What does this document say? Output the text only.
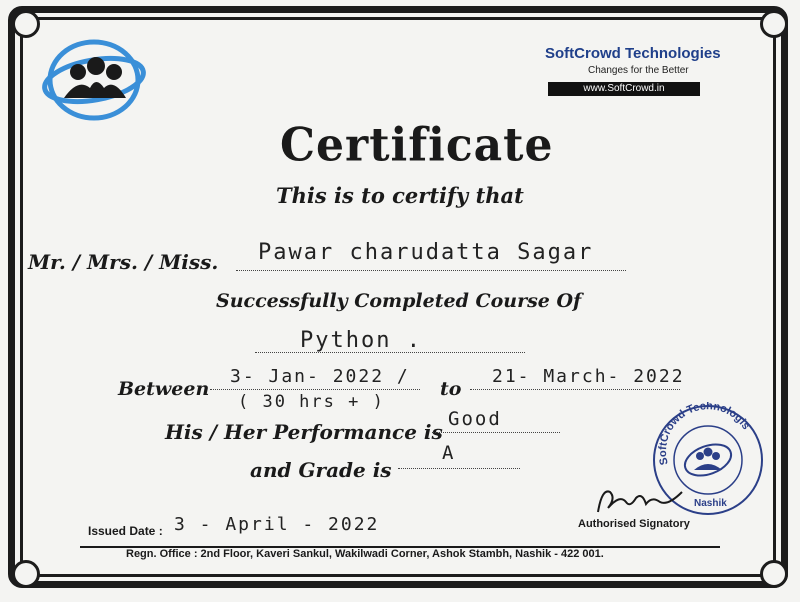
SoftCrowd Technologies
Changes for the Better
www.SoftCrowd.in
Certificate
This is to certify that
Mr. / Mrs. / Miss. Pawar charudatta Sagar
Successfully Completed Course Of
Python .
Between
3- Jan- 2022 /
( 30 hrs + )
to
21- March- 2022
His / Her Performance is
Good
and Grade is
A	SoftCrowd Technologis
Nashik
Authorised Signatory
Issued Date : 3 - April - 2022
Regn. Office : 2nd Floor, Kaveri Sankul, Wakilwadi Corner, Ashok Stambh, Nashik - 422 001.
